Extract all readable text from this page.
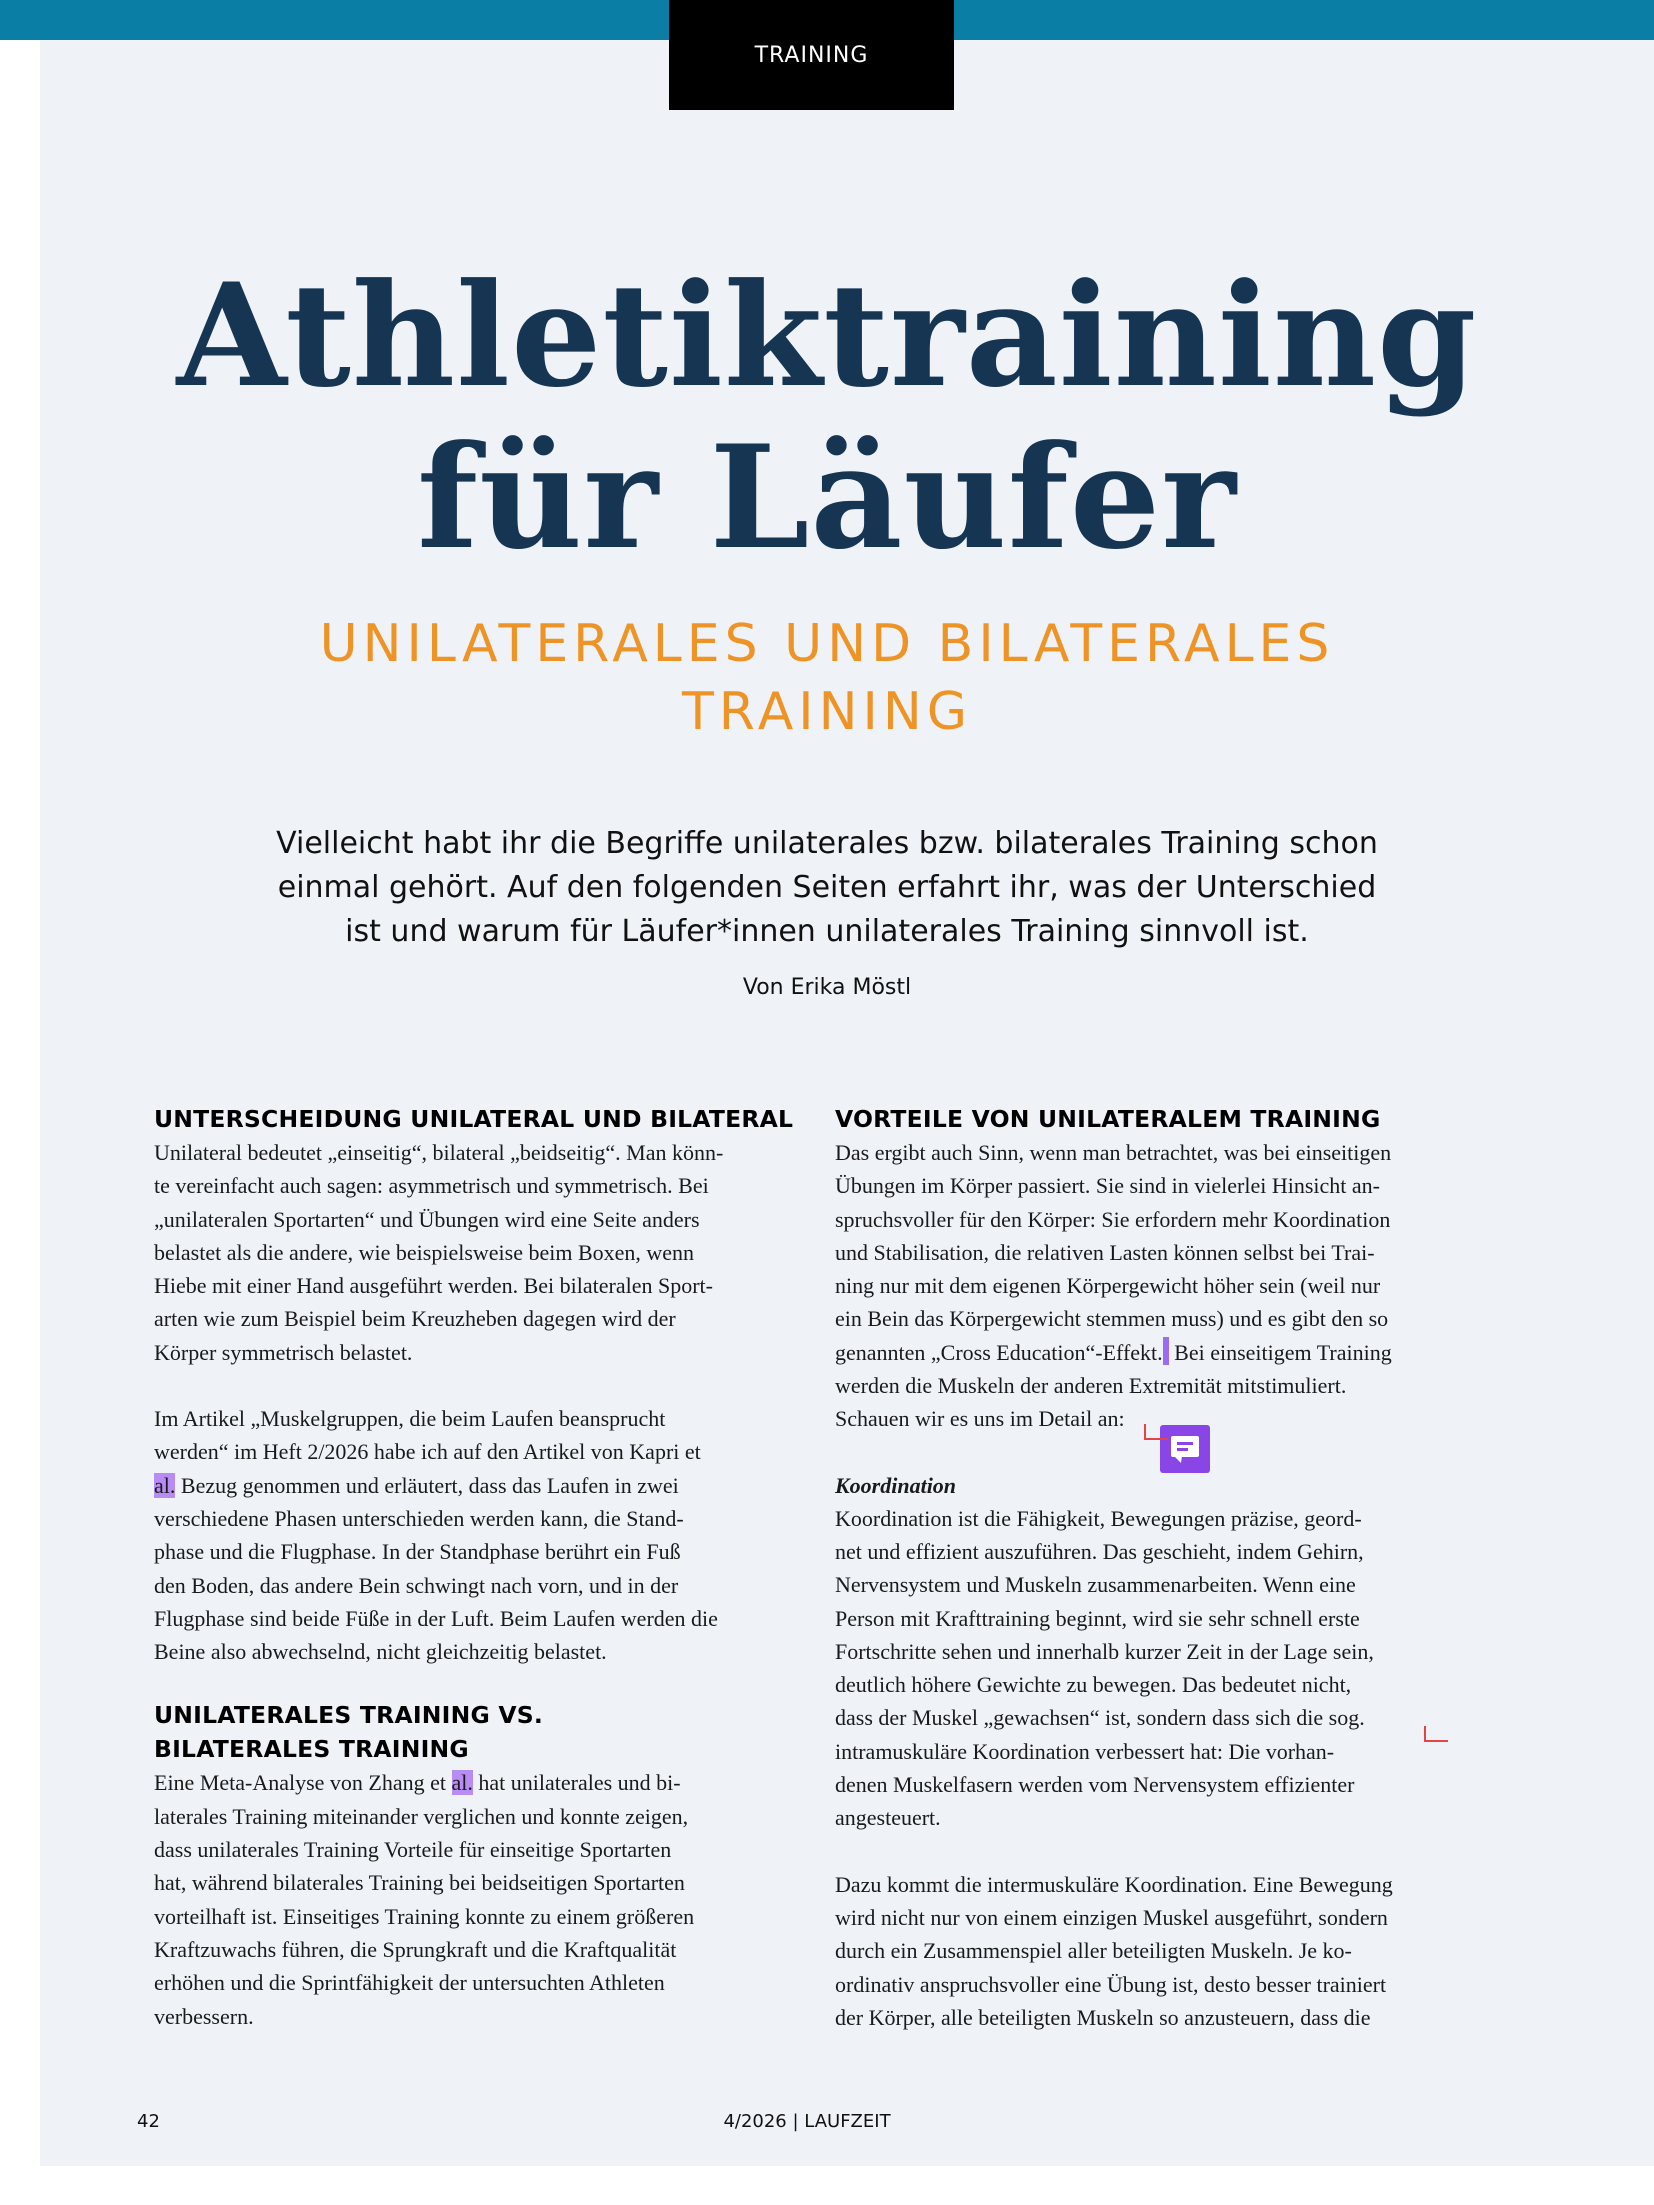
TRAINING
Athletiktraining
für Läufer
UNILATERALES UND BILATERALES
TRAINING

Vielleicht habt ihr die Begriffe unilaterales bzw. bilaterales Training schon
einmal gehört. Auf den folgenden Seiten erfahrt ihr, was der Unterschied
ist und warum für Läufer*innen unilaterales Training sinnvoll ist.

Von Erika Möstl
UNTERSCHEIDUNG UNILATERAL UND BILATERAL

Unilateral bedeutet „einseitig“, bilateral „beidseitig“. Man könn-
te vereinfacht auch sagen: asymmetrisch und symmetrisch. Bei
„unilateralen Sportarten“ und Übungen wird eine Seite anders
belastet als die andere, wie beispielsweise beim Boxen, wenn
Hiebe mit einer Hand ausgeführt werden. Bei bilateralen Sport-
arten wie zum Beispiel beim Kreuzheben dagegen wird der
Körper symmetrisch belastet.

Im Artikel „Muskelgruppen, die beim Laufen beansprucht
werden“ im Heft 2/2026 habe ich auf den Artikel von Kapri et
al. Bezug genommen und erläutert, dass das Laufen in zwei
verschiedene Phasen unterschieden werden kann, die Stand-
phase und die Flugphase. In der Standphase berührt ein Fuß
den Boden, das andere Bein schwingt nach vorn, und in der
Flugphase sind beide Füße in der Luft. Beim Laufen werden die
Beine also abwechselnd, nicht gleichzeitig belastet.

UNILATERALES TRAINING VS.
BILATERALES TRAINING

Eine Meta-Analyse von Zhang et al. hat unilaterales und bi-
laterales Training miteinander verglichen und konnte zeigen,
dass unilaterales Training Vorteile für einseitige Sportarten
hat, während bilaterales Training bei beidseitigen Sportarten
vorteilhaft ist. Einseitiges Training konnte zu einem größeren
Kraftzuwachs führen, die Sprungkraft und die Kraftqualität
erhöhen und die Sprintfähigkeit der untersuchten Athleten
verbessern.

VORTEILE VON UNILATERALEM TRAINING

Das ergibt auch Sinn, wenn man betrachtet, was bei einseitigen
Übungen im Körper passiert. Sie sind in vielerlei Hinsicht an-
spruchsvoller für den Körper: Sie erfordern mehr Koordination
und Stabilisation, die relativen Lasten können selbst bei Trai-
ning nur mit dem eigenen Körpergewicht höher sein (weil nur
ein Bein das Körpergewicht stemmen muss) und es gibt den so
genannten „Cross Education“-Effekt. Bei einseitigem Training
werden die Muskeln der anderen Extremität mitstimuliert.
Schauen wir es uns im Detail an:

Koordination

Koordination ist die Fähigkeit, Bewegungen präzise, geord-
net und effizient auszuführen. Das geschieht, indem Gehirn,
Nervensystem und Muskeln zusammenarbeiten. Wenn eine
Person mit Krafttraining beginnt, wird sie sehr schnell erste
Fortschritte sehen und innerhalb kurzer Zeit in der Lage sein,
deutlich höhere Gewichte zu bewegen. Das bedeutet nicht,
dass der Muskel „gewachsen“ ist, sondern dass sich die sog.
intramuskuläre Koordination verbessert hat: Die vorhan-
denen Muskelfasern werden vom Nervensystem effizienter
angesteuert.

Dazu kommt die intermuskuläre Koordination. Eine Bewegung
wird nicht nur von einem einzigen Muskel ausgeführt, sondern
durch ein Zusammenspiel aller beteiligten Muskeln. Je ko-
ordinativ anspruchsvoller eine Übung ist, desto besser trainiert
der Körper, alle beteiligten Muskeln so anzusteuern, dass die

42	4/2026 | LAUFZEIT
